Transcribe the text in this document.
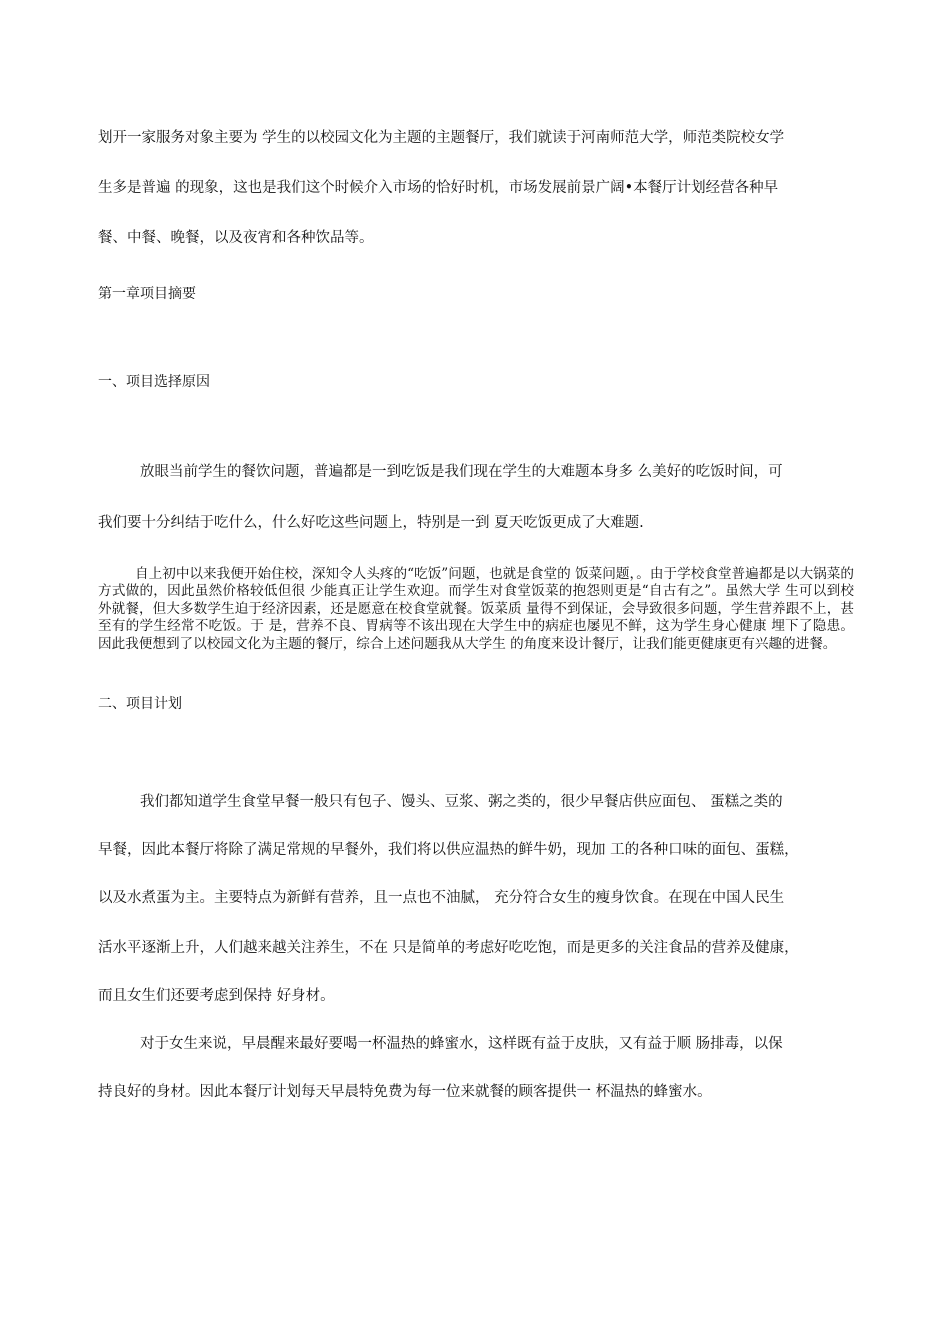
划开一家服务对象主要为 学生的以校园文化为主题的主题餐厅，我们就读于河南师范大学，师范类院校女学
生多是普遍 的现象，这也是我们这个时候介入市场的恰好时机，市场发展前景广阔•本餐厅计划经营各种早
餐、中餐、晚餐，以及夜宵和各种饮品等。
第一章项目摘要
一、项目选择原因
放眼当前学生的餐饮问题，普遍都是一到吃饭是我们现在学生的大难题本身多 么美好的吃饭时间，可
我们要十分纠结于吃什么，什么好吃这些问题上，特别是一到 夏天吃饭更成了大难题.
自上初中以来我便开始住校，深知令人头疼的“吃饭”问题，也就是食堂的 饭菜问题，。由于学校食堂普遍都是以大锅菜的方式做的，因此虽然价格较低但很 少能真正让学生欢迎。而学生对食堂饭菜的抱怨则更是“自古有之”。虽然大学 生可以到校外就餐，但大多数学生迫于经济因素，还是愿意在校食堂就餐。饭菜质 量得不到保证，会导致很多问题，学生营养跟不上，甚至有的学生经常不吃饭。于 是，营养不良、胃病等不该出现在大学生中的病症也屡见不鲜，这为学生身心健康 埋下了隐患。因此我便想到了以校园文化为主题的餐厅，综合上述问题我从大学生 的角度来设计餐厅，让我们能更健康更有兴趣的进餐。
二、项目计划
我们都知道学生食堂早餐一般只有包子、馒头、豆浆、粥之类的，很少早餐店供应面包、 蛋糕之类的
早餐，因此本餐厅将除了满足常规的早餐外，我们将以供应温热的鲜牛奶，现加 工的各种口味的面包、蛋糕，
以及水煮蛋为主。主要特点为新鲜有营养，且一点也不油腻， 充分符合女生的瘦身饮食。在现在中国人民生
活水平逐渐上升，人们越来越关注养生，不在 只是简单的考虑好吃吃饱，而是更多的关注食品的营养及健康，
而且女生们还要考虑到保持 好身材。
对于女生来说，早晨醒来最好要喝一杯温热的蜂蜜水，这样既有益于皮肤，又有益于顺 肠排毒，以保
持良好的身材。因此本餐厅计划每天早晨特免费为每一位来就餐的顾客提供一 杯温热的蜂蜜水。
